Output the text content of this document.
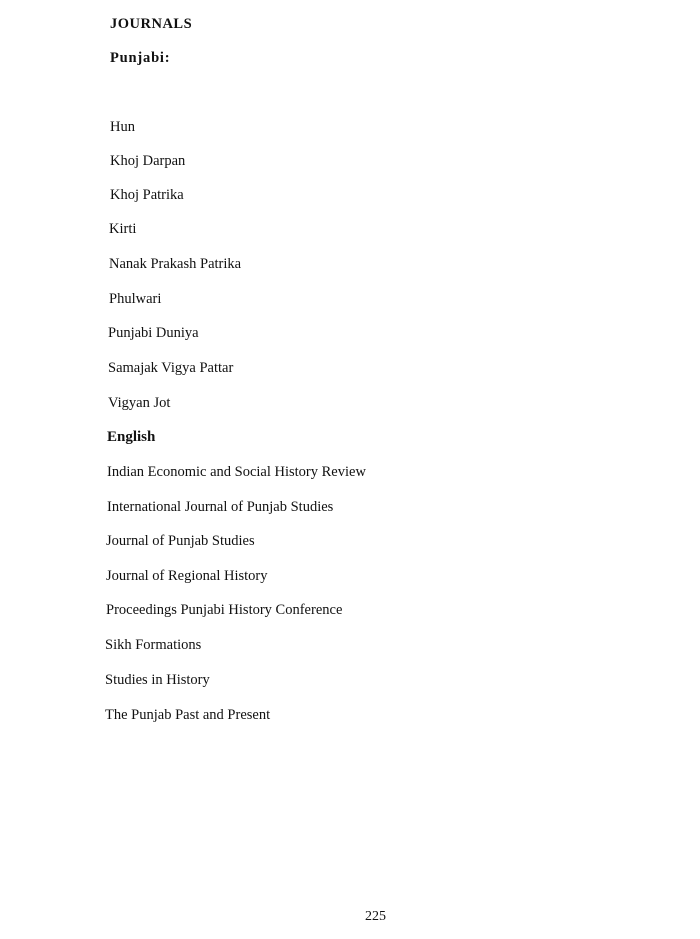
JOURNALS
Punjabi:
Hun
Khoj Darpan
Khoj Patrika
Kirti
Nanak Prakash Patrika
Phulwari
Punjabi Duniya
Samajak Vigya Pattar
Vigyan Jot
English
Indian Economic and Social History Review
International Journal of Punjab Studies
Journal of Punjab Studies
Journal of Regional History
Proceedings Punjabi History Conference
Sikh Formations
Studies in History
The Punjab Past and Present
225
